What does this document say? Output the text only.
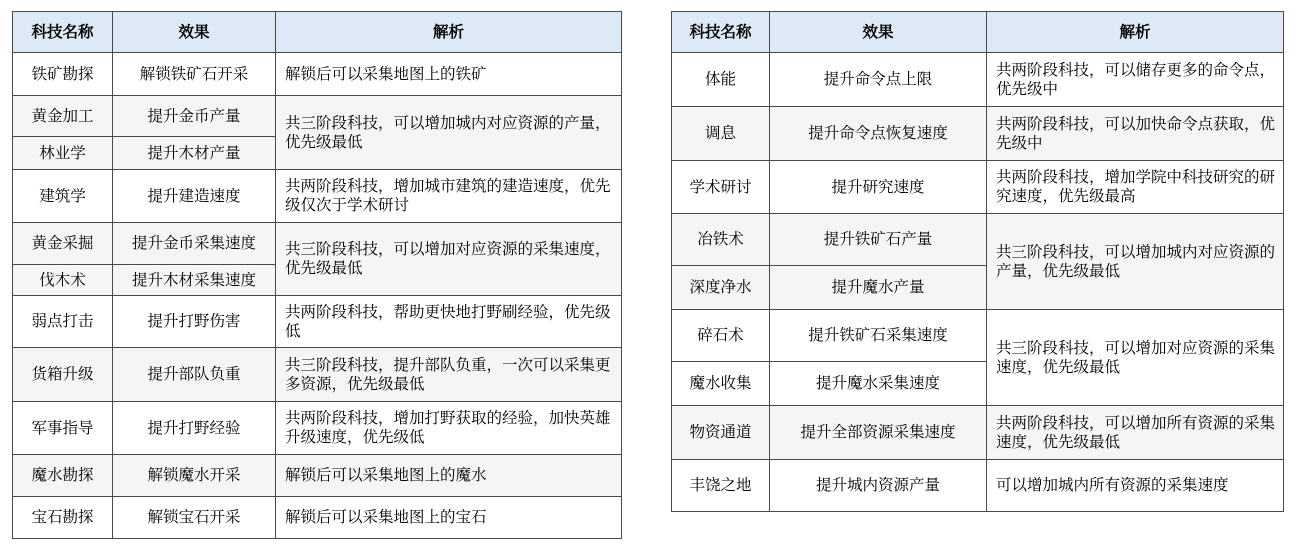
科技名称	效果	解析
铁矿勘探	解锁铁矿石开采	解锁后可以采集地图上的铁矿
黄金加工	提升金币产量	共三阶段科技，可以增加城内对应资源的产量，优先级最低
林业学	提升木材产量	
建筑学	提升建造速度	共两阶段科技，增加城市建筑的建造速度，优先级仅次于学术研讨
黄金采掘	提升金币采集速度	共三阶段科技，可以增加对应资源的采集速度，优先级最低
伐木术	提升木材采集速度	
弱点打击	提升打野伤害	共两阶段科技，帮助更快地打野刷经验，优先级低
货箱升级	提升部队负重	共三阶段科技，提升部队负重，一次可以采集更多资源，优先级最低
军事指导	提升打野经验	共两阶段科技，增加打野获取的经验，加快英雄升级速度，优先级低
魔水勘探	解锁魔水开采	解锁后可以采集地图上的魔水
宝石勘探	解锁宝石开采	解锁后可以采集地图上的宝石
科技名称	效果	解析
体能	提升命令点上限	共两阶段科技，可以储存更多的命令点，优先级中
调息	提升命令点恢复速度	共两阶段科技，可以加快命令点获取，优先级中
学术研讨	提升研究速度	共两阶段科技，增加学院中科技研究的研究速度，优先级最高
冶铁术	提升铁矿石产量	共三阶段科技，可以增加城内对应资源的产量，优先级最低
深度净水	提升魔水产量	
碎石术	提升铁矿石采集速度	共三阶段科技，可以增加对应资源的采集速度，优先级最低
魔水收集	提升魔水采集速度	
物资通道	提升全部资源采集速度	共两阶段科技，可以增加所有资源的采集速度，优先级最低
丰饶之地	提升城内资源产量	可以增加城内所有资源的采集速度
